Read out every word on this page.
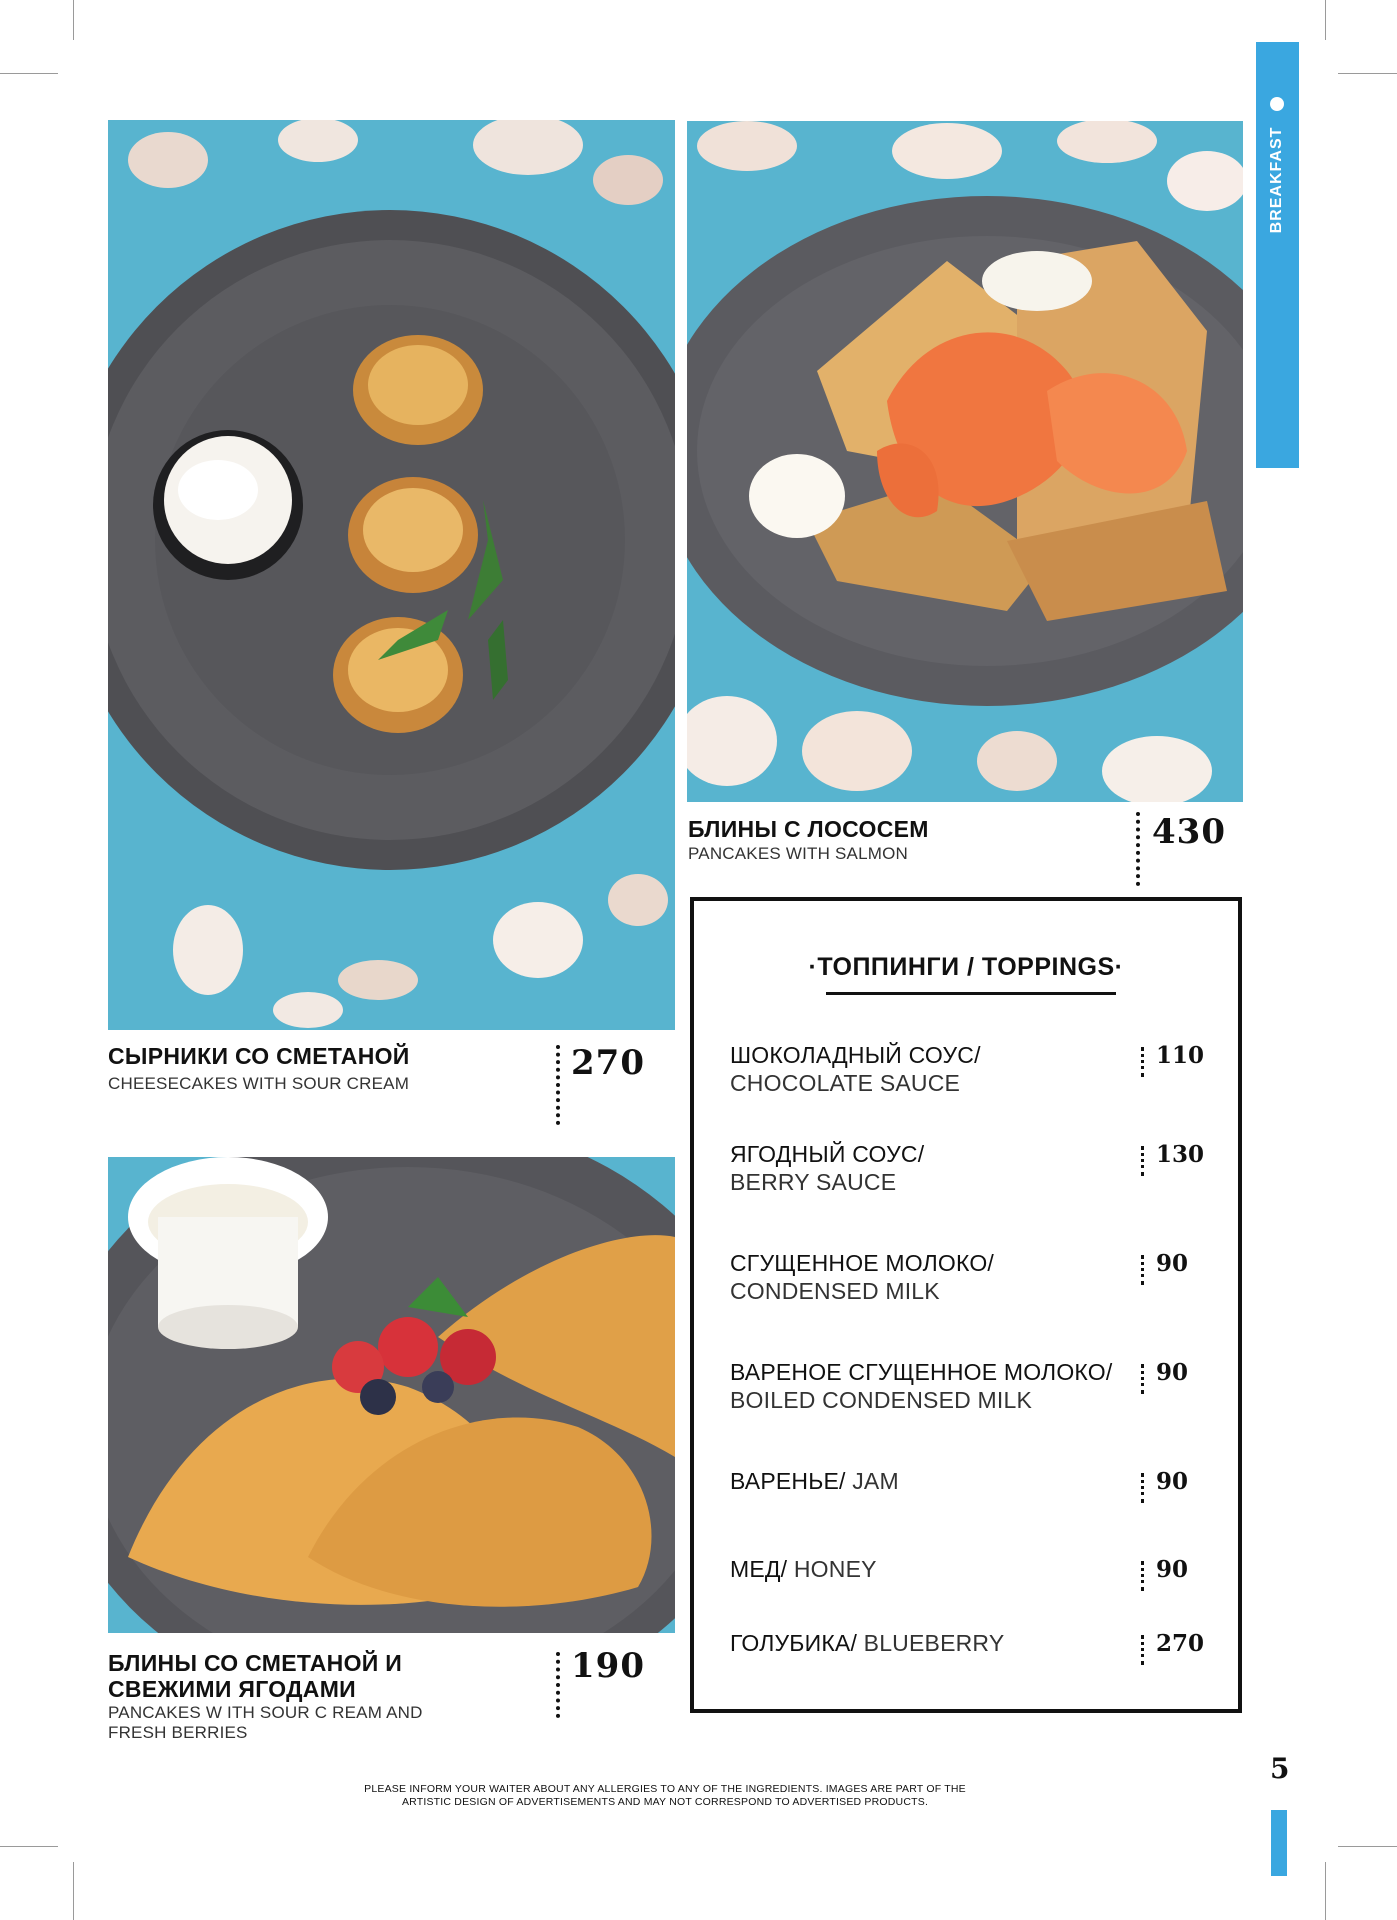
BREAKFAST
СЫРНИКИ СО СМЕТАНОЙ
CHEESECAKES WITH SOUR CREAM
270
БЛИНЫ С ЛОСОСЕМ
PANCAKES WITH SALMON
430
БЛИНЫ СО СМЕТАНОЙ И
СВЕЖИМИ ЯГОДАМИ
PANCAKES W ITH SOUR C REAM AND
FRESH BERRIES
190
·ТОППИНГИ / TOPPINGS·
ШОКОЛАДНЫЙ СОУС/
CHOCOLATE SAUCE
110
ЯГОДНЫЙ СОУС/
BERRY SAUCE
130
СГУЩЕННОЕ МОЛОКО/
CONDENSED MILK
90
ВАРЕНОЕ СГУЩЕННОЕ МОЛОКО/
BOILED CONDENSED MILK
90
ВАРЕНЬЕ/ JAM	90
МЕД/ HONEY	90
ГОЛУБИКА/ BLUEBERRY	270
5
PLEASE INFORM YOUR WAITER ABOUT ANY ALLERGIES TO ANY OF THE INGREDIENTS. IMAGES ARE PART OF THE
ARTISTIC DESIGN OF ADVERTISEMENTS AND MAY NOT CORRESPOND TO ADVERTISED PRODUCTS.
